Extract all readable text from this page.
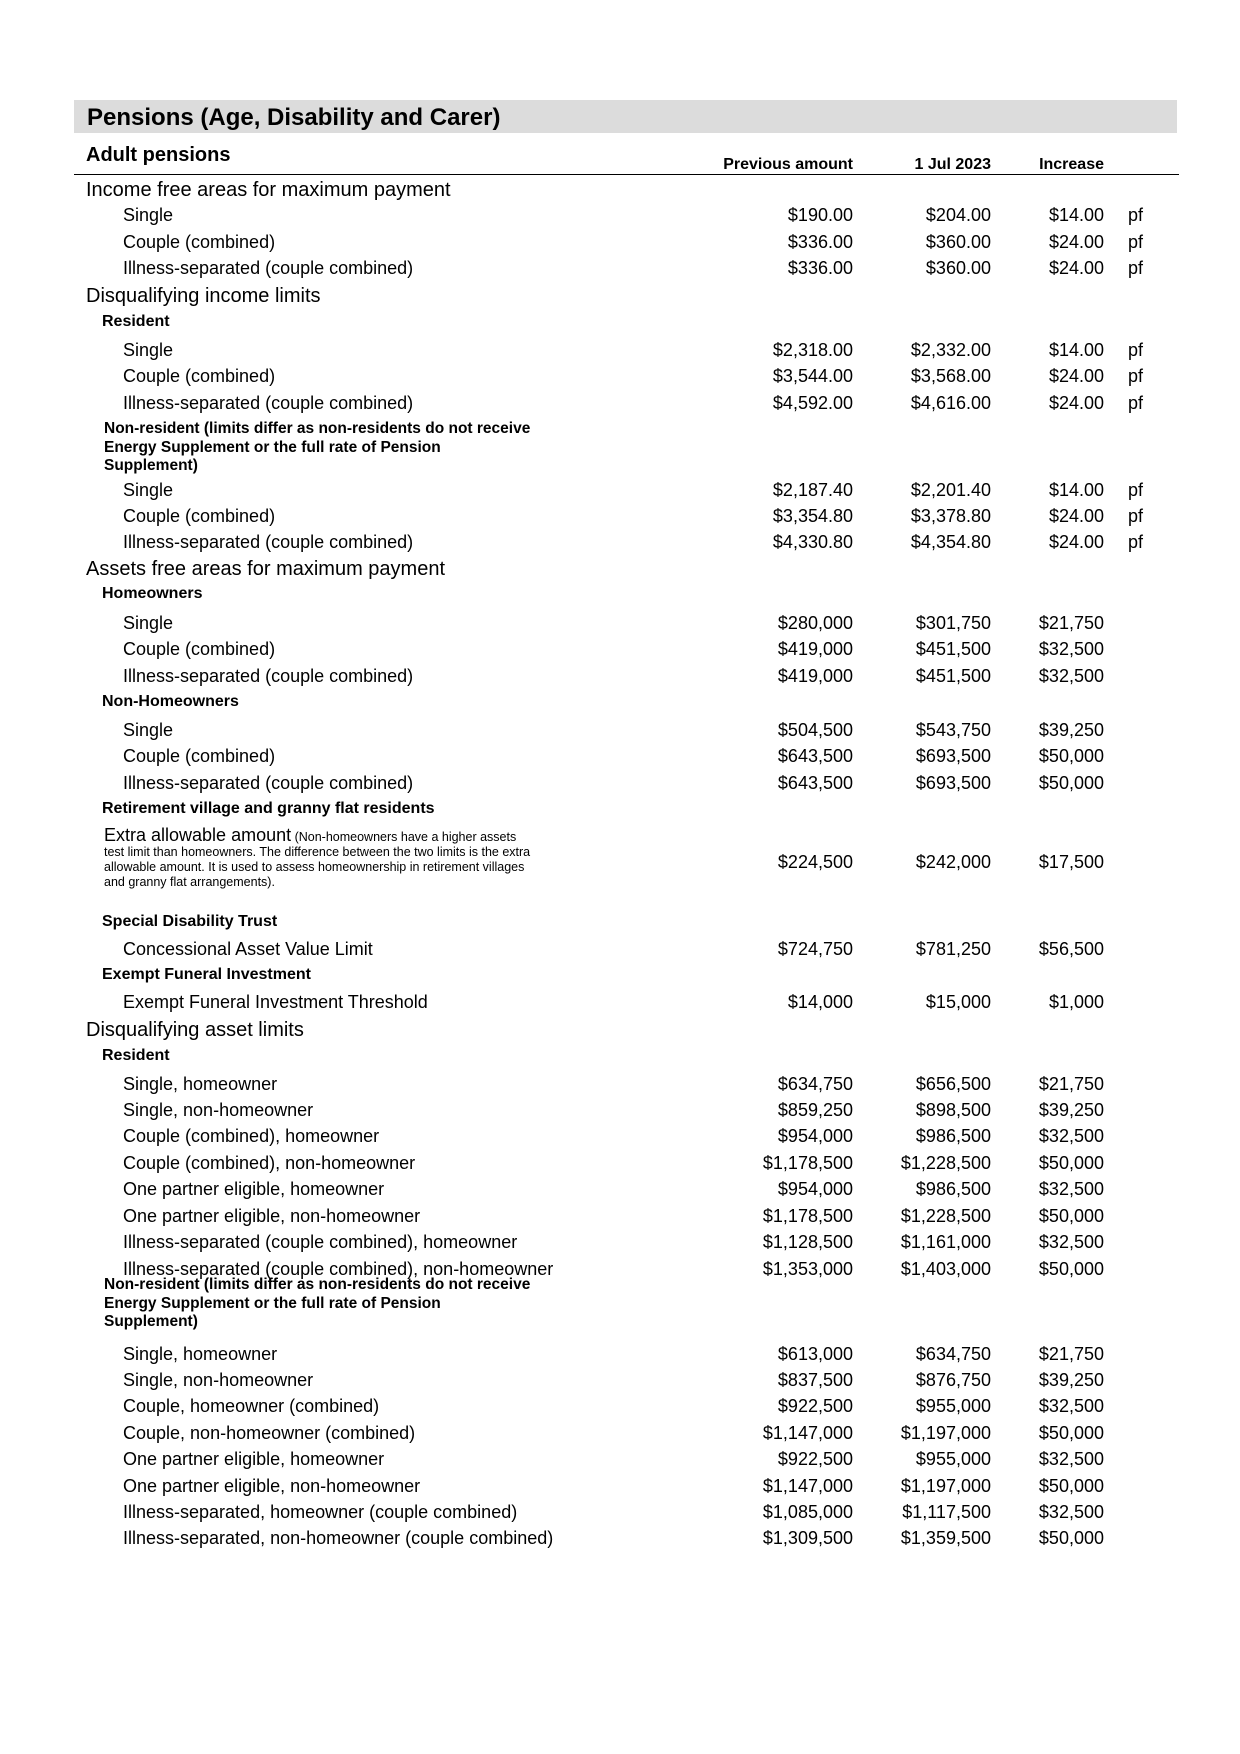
Pensions (Age, Disability and Carer)
Adult pensions	Previous amount	1 Jul 2023	Increase
Income free areas for maximum payment
Single	$190.00	$204.00	$14.00 pf
Couple (combined)	$336.00	$360.00	$24.00 pf
Illness-separated (couple combined)	$336.00	$360.00	$24.00 pf
Disqualifying income limits
Resident
Single	$2,318.00	$2,332.00	$14.00 pf
Couple (combined)	$3,544.00	$3,568.00	$24.00 pf
Illness-separated (couple combined)	$4,592.00	$4,616.00	$24.00 pf
Non-resident (limits differ as non-residents do not receive Energy Supplement or the full rate of Pension Supplement)
Single	$2,187.40	$2,201.40	$14.00 pf
Couple (combined)	$3,354.80	$3,378.80	$24.00 pf
Illness-separated (couple combined)	$4,330.80	$4,354.80	$24.00 pf
Assets free areas for maximum payment
Homeowners
Single	$280,000	$301,750	$21,750
Couple (combined)	$419,000	$451,500	$32,500
Illness-separated (couple combined)	$419,000	$451,500	$32,500
Non-Homeowners
Single	$504,500	$543,750	$39,250
Couple (combined)	$643,500	$693,500	$50,000
Illness-separated (couple combined)	$643,500	$693,500	$50,000
Retirement village and granny flat residents
Extra allowable amount (Non-homeowners have a higher assets test limit than homeowners. The difference between the two limits is the extra allowable amount. It is used to assess homeownership in retirement villages and granny flat arrangements).
$224,500	$242,000	$17,500
Special Disability Trust
Concessional Asset Value Limit	$724,750	$781,250	$56,500
Exempt Funeral Investment
Exempt Funeral Investment Threshold	$14,000	$15,000	$1,000
Disqualifying asset limits
Resident
Single, homeowner	$634,750	$656,500	$21,750
Single, non-homeowner	$859,250	$898,500	$39,250
Couple (combined), homeowner	$954,000	$986,500	$32,500
Couple (combined), non-homeowner	$1,178,500	$1,228,500	$50,000
One partner eligible, homeowner	$954,000	$986,500	$32,500
One partner eligible, non-homeowner	$1,178,500	$1,228,500	$50,000
Illness-separated (couple combined), homeowner	$1,128,500	$1,161,000	$32,500
Illness-separated (couple combined), non-homeowner	$1,353,000	$1,403,000	$50,000
Non-resident (limits differ as non-residents do not receive Energy Supplement or the full rate of Pension Supplement)
Single, homeowner	$613,000	$634,750	$21,750
Single, non-homeowner	$837,500	$876,750	$39,250
Couple, homeowner (combined)	$922,500	$955,000	$32,500
Couple, non-homeowner (combined)	$1,147,000	$1,197,000	$50,000
One partner eligible, homeowner	$922,500	$955,000	$32,500
One partner eligible, non-homeowner	$1,147,000	$1,197,000	$50,000
Illness-separated, homeowner (couple combined)	$1,085,000	$1,117,500	$32,500
Illness-separated, non-homeowner (couple combined)	$1,309,500	$1,359,500	$50,000
